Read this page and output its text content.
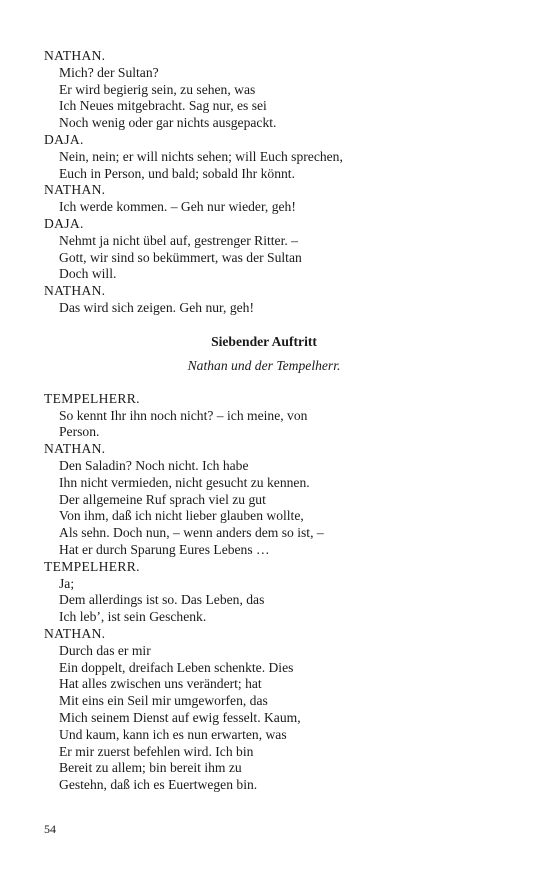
NATHAN.
Mich? der Sultan?
Er wird begierig sein, zu sehen, was
Ich Neues mitgebracht. Sag nur, es sei
Noch wenig oder gar nichts ausgepackt.
DAJA.
Nein, nein; er will nichts sehen; will Euch sprechen,
Euch in Person, und bald; sobald Ihr könnt.
NATHAN.
Ich werde kommen. – Geh nur wieder, geh!
DAJA.
Nehmt ja nicht übel auf, gestrenger Ritter. –
Gott, wir sind so bekümmert, was der Sultan
Doch will.
NATHAN.
Das wird sich zeigen. Geh nur, geh!
Siebender Auftritt
Nathan und der Tempelherr.
TEMPELHERR.
So kennt Ihr ihn noch nicht? – ich meine, von
Person.
NATHAN.
Den Saladin? Noch nicht. Ich habe
Ihn nicht vermieden, nicht gesucht zu kennen.
Der allgemeine Ruf sprach viel zu gut
Von ihm, daß ich nicht lieber glauben wollte,
Als sehn. Doch nun, – wenn anders dem so ist, –
Hat er durch Sparung Eures Lebens …
TEMPELHERR.
Ja;
Dem allerdings ist so. Das Leben, das
Ich leb’, ist sein Geschenk.
NATHAN.
Durch das er mir
Ein doppelt, dreifach Leben schenkte. Dies
Hat alles zwischen uns verändert; hat
Mit eins ein Seil mir umgeworfen, das
Mich seinem Dienst auf ewig fesselt. Kaum,
Und kaum, kann ich es nun erwarten, was
Er mir zuerst befehlen wird. Ich bin
Bereit zu allem; bin bereit ihm zu
Gestehn, daß ich es Euertwegen bin.
54
